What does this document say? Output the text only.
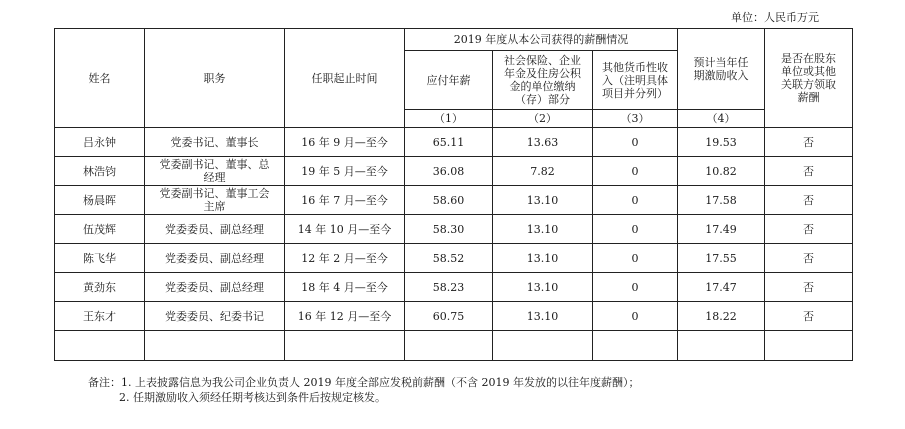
单位：人民币万元
姓名	职务	任职起止时间	2019 年度从本公司获得的薪酬情况			预计当年任期激励收入	是否在股东单位或其他关联方领取薪酬
			应付年薪	社会保险、企业年金及住房公积金的单位缴纳（存）部分	其他货币性收入（注明具体项目并分列）		
			（1）	（2）	（3）	（4）	
吕永钟	党委书记、董事长	16 年 9 月—至今	65.11	13.63	0	19.53	否
林浩钧	党委副书记、董事、总经理	19 年 5 月—至今	36.08	7.82	0	10.82	否
杨晨晖	党委副书记、董事工会主席	16 年 7 月—至今	58.60	13.10	0	17.58	否
伍茂辉	党委委员、副总经理	14 年 10 月—至今	58.30	13.10	0	17.49	否
陈飞华	党委委员、副总经理	12 年 2 月—至今	58.52	13.10	0	17.55	否
黄劲东	党委委员、副总经理	18 年 4 月—至今	58.23	13.10	0	17.47	否
王东才	党委委员、纪委书记	16 年 12 月—至今	60.75	13.10	0	18.22	否

备注：1. 上表披露信息为我公司企业负责人 2019 年度全部应发税前薪酬（不含 2019 年发放的以往年度薪酬）；
2. 任期激励收入须经任期考核达到条件后按规定核发。
